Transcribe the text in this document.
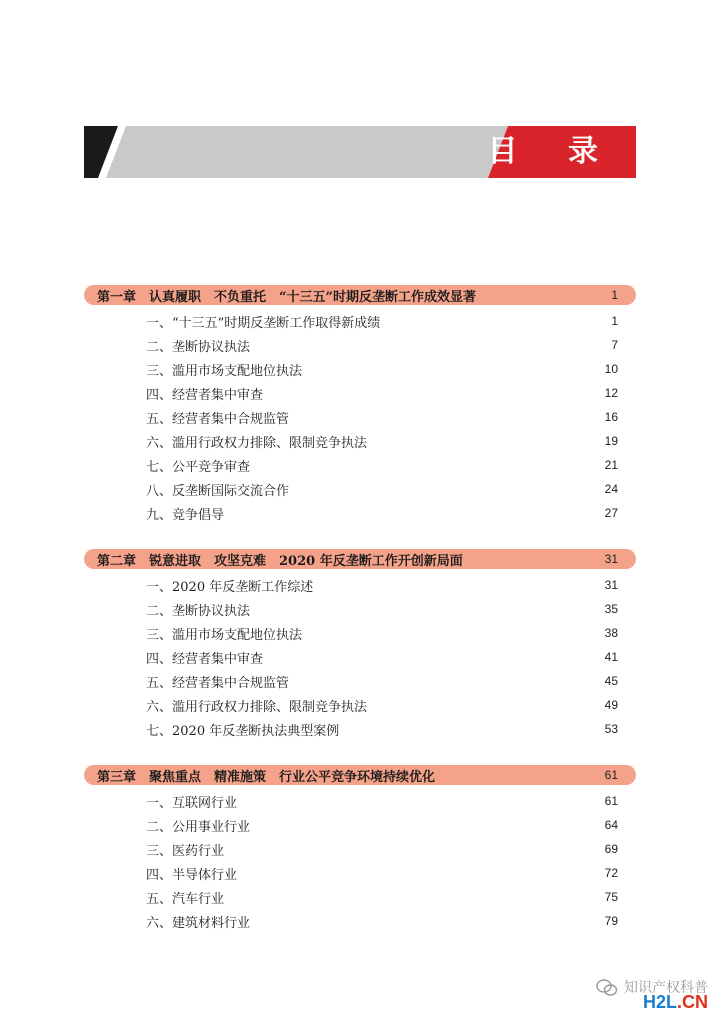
目 录
第一章　认真履职　不负重托　“十三五”时期反垄断工作成效显著	1
一、“十三五”时期反垄断工作取得新成绩	1
二、垄断协议执法	7
三、滥用市场支配地位执法	10
四、经营者集中审查	12
五、经营者集中合规监管	16
六、滥用行政权力排除、限制竞争执法	19
七、公平竞争审查	21
八、反垄断国际交流合作	24
九、竞争倡导	27
第二章　锐意进取　攻坚克难　2020 年反垄断工作开创新局面	31
一、2020 年反垄断工作综述	31
二、垄断协议执法	35
三、滥用市场支配地位执法	38
四、经营者集中审查	41
五、经营者集中合规监管	45
六、滥用行政权力排除、限制竞争执法	49
七、2020 年反垄断执法典型案例	53
第三章　聚焦重点　精准施策　行业公平竞争环境持续优化	61
一、互联网行业	61
二、公用事业行业	64
三、医药行业	69
四、半导体行业	72
五、汽车行业	75
六、建筑材料行业	79
知识产权科普
H2L.CN
